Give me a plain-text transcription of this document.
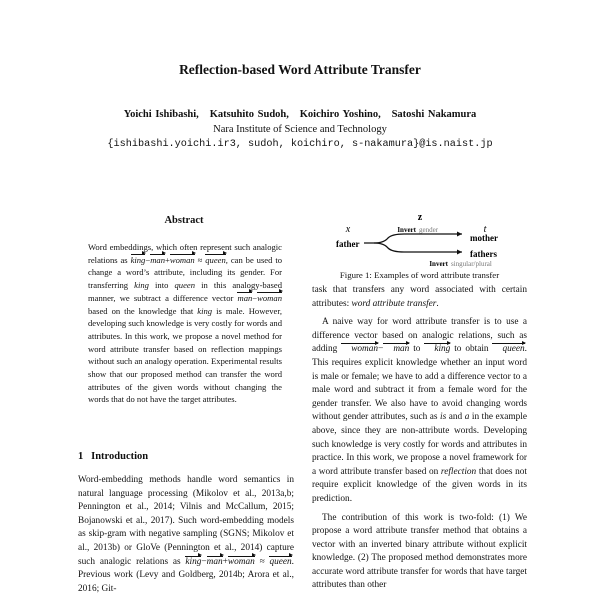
Reflection-based Word Attribute Transfer
Yoichi Ishibashi, Katsuhito Sudoh, Koichiro Yoshino, Satoshi Nakamura
Nara Institute of Science and Technology
{ishibashi.yoichi.ir3, sudoh, koichiro, s-nakamura}@is.naist.jp
Abstract

Word embeddings, which often represent such analogic relations as king−man+woman ≈ queen, can be used to change a word’s attribute, including its gender. For transferring king into queen in this analogy-based manner, we subtract a difference vector man−woman based on the knowledge that king is male. However, developing such knowledge is very costly for words and attributes. In this work, we propose a novel method for word attribute transfer based on reflection mappings without such an analogy operation. Experimental results show that our proposed method can transfer the word attributes of the given words without changing the words that do not have the target attributes.

1   Introduction

Word-embedding methods handle word semantics in natural language processing (Mikolov et al., 2013a,b; Pennington et al., 2014; Vilnis and McCallum, 2015; Bojanowski et al., 2017). Such word-embedding models as skip-gram with negative sampling (SGNS; Mikolov et al., 2013b) or GloVe (Pennington et al., 2014) capture such analogic relations as king−man+woman ≈ queen. Previous work (Levy and Goldberg, 2014b; Arora et al., 2016; Git-

z
x	t
Invert gender
Invert singular/plural
father
mother
fathers
Figure 1: Examples of word attribute transfer

task that transfers any word associated with certain attributes: word attribute transfer.

A naive way for word attribute transfer is to use a difference vector based on analogic relations, such as adding woman− man to king to obtain queen. This requires explicit knowledge whether an input word is male or female; we have to add a difference vector to a male word and subtract it from a female word for the gender transfer. We also have to avoid changing words without gender attributes, such as is and a in the example above, since they are non-attribute words. Developing such knowledge is very costly for words and attributes in practice. In this work, we propose a novel framework for a word attribute transfer based on reflection that does not require explicit knowledge of the given words in its prediction.

The contribution of this work is two-fold: (1) We propose a word attribute transfer method that obtains a vector with an inverted binary attribute without explicit knowledge. (2) The proposed method demonstrates more accurate word attribute transfer for words that have target attributes than other
